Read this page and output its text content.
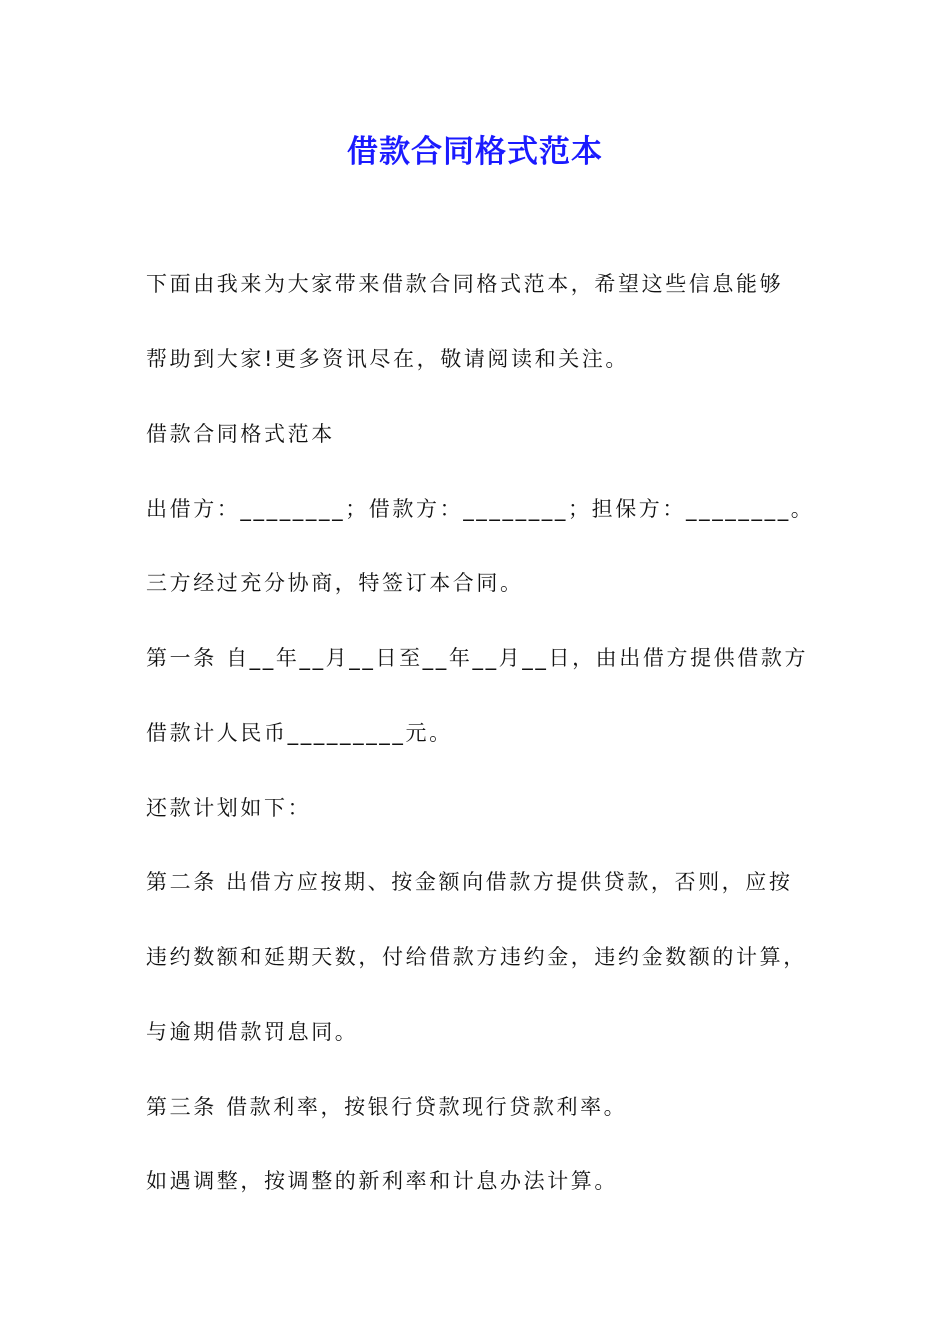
借款合同格式范本
下面由我来为大家带来借款合同格式范本，希望这些信息能够
帮助到大家!更多资讯尽在，敬请阅读和关注。
借款合同格式范本
出借方：________；借款方：________；担保方：________。
三方经过充分协商，特签订本合同。
第一条 自__年__月__日至__年__月__日，由出借方提供借款方
借款计人民币_________元。
还款计划如下：
第二条 出借方应按期、按金额向借款方提供贷款，否则，应按
违约数额和延期天数，付给借款方违约金，违约金数额的计算，
与逾期借款罚息同。
第三条 借款利率，按银行贷款现行贷款利率。
如遇调整，按调整的新利率和计息办法计算。
